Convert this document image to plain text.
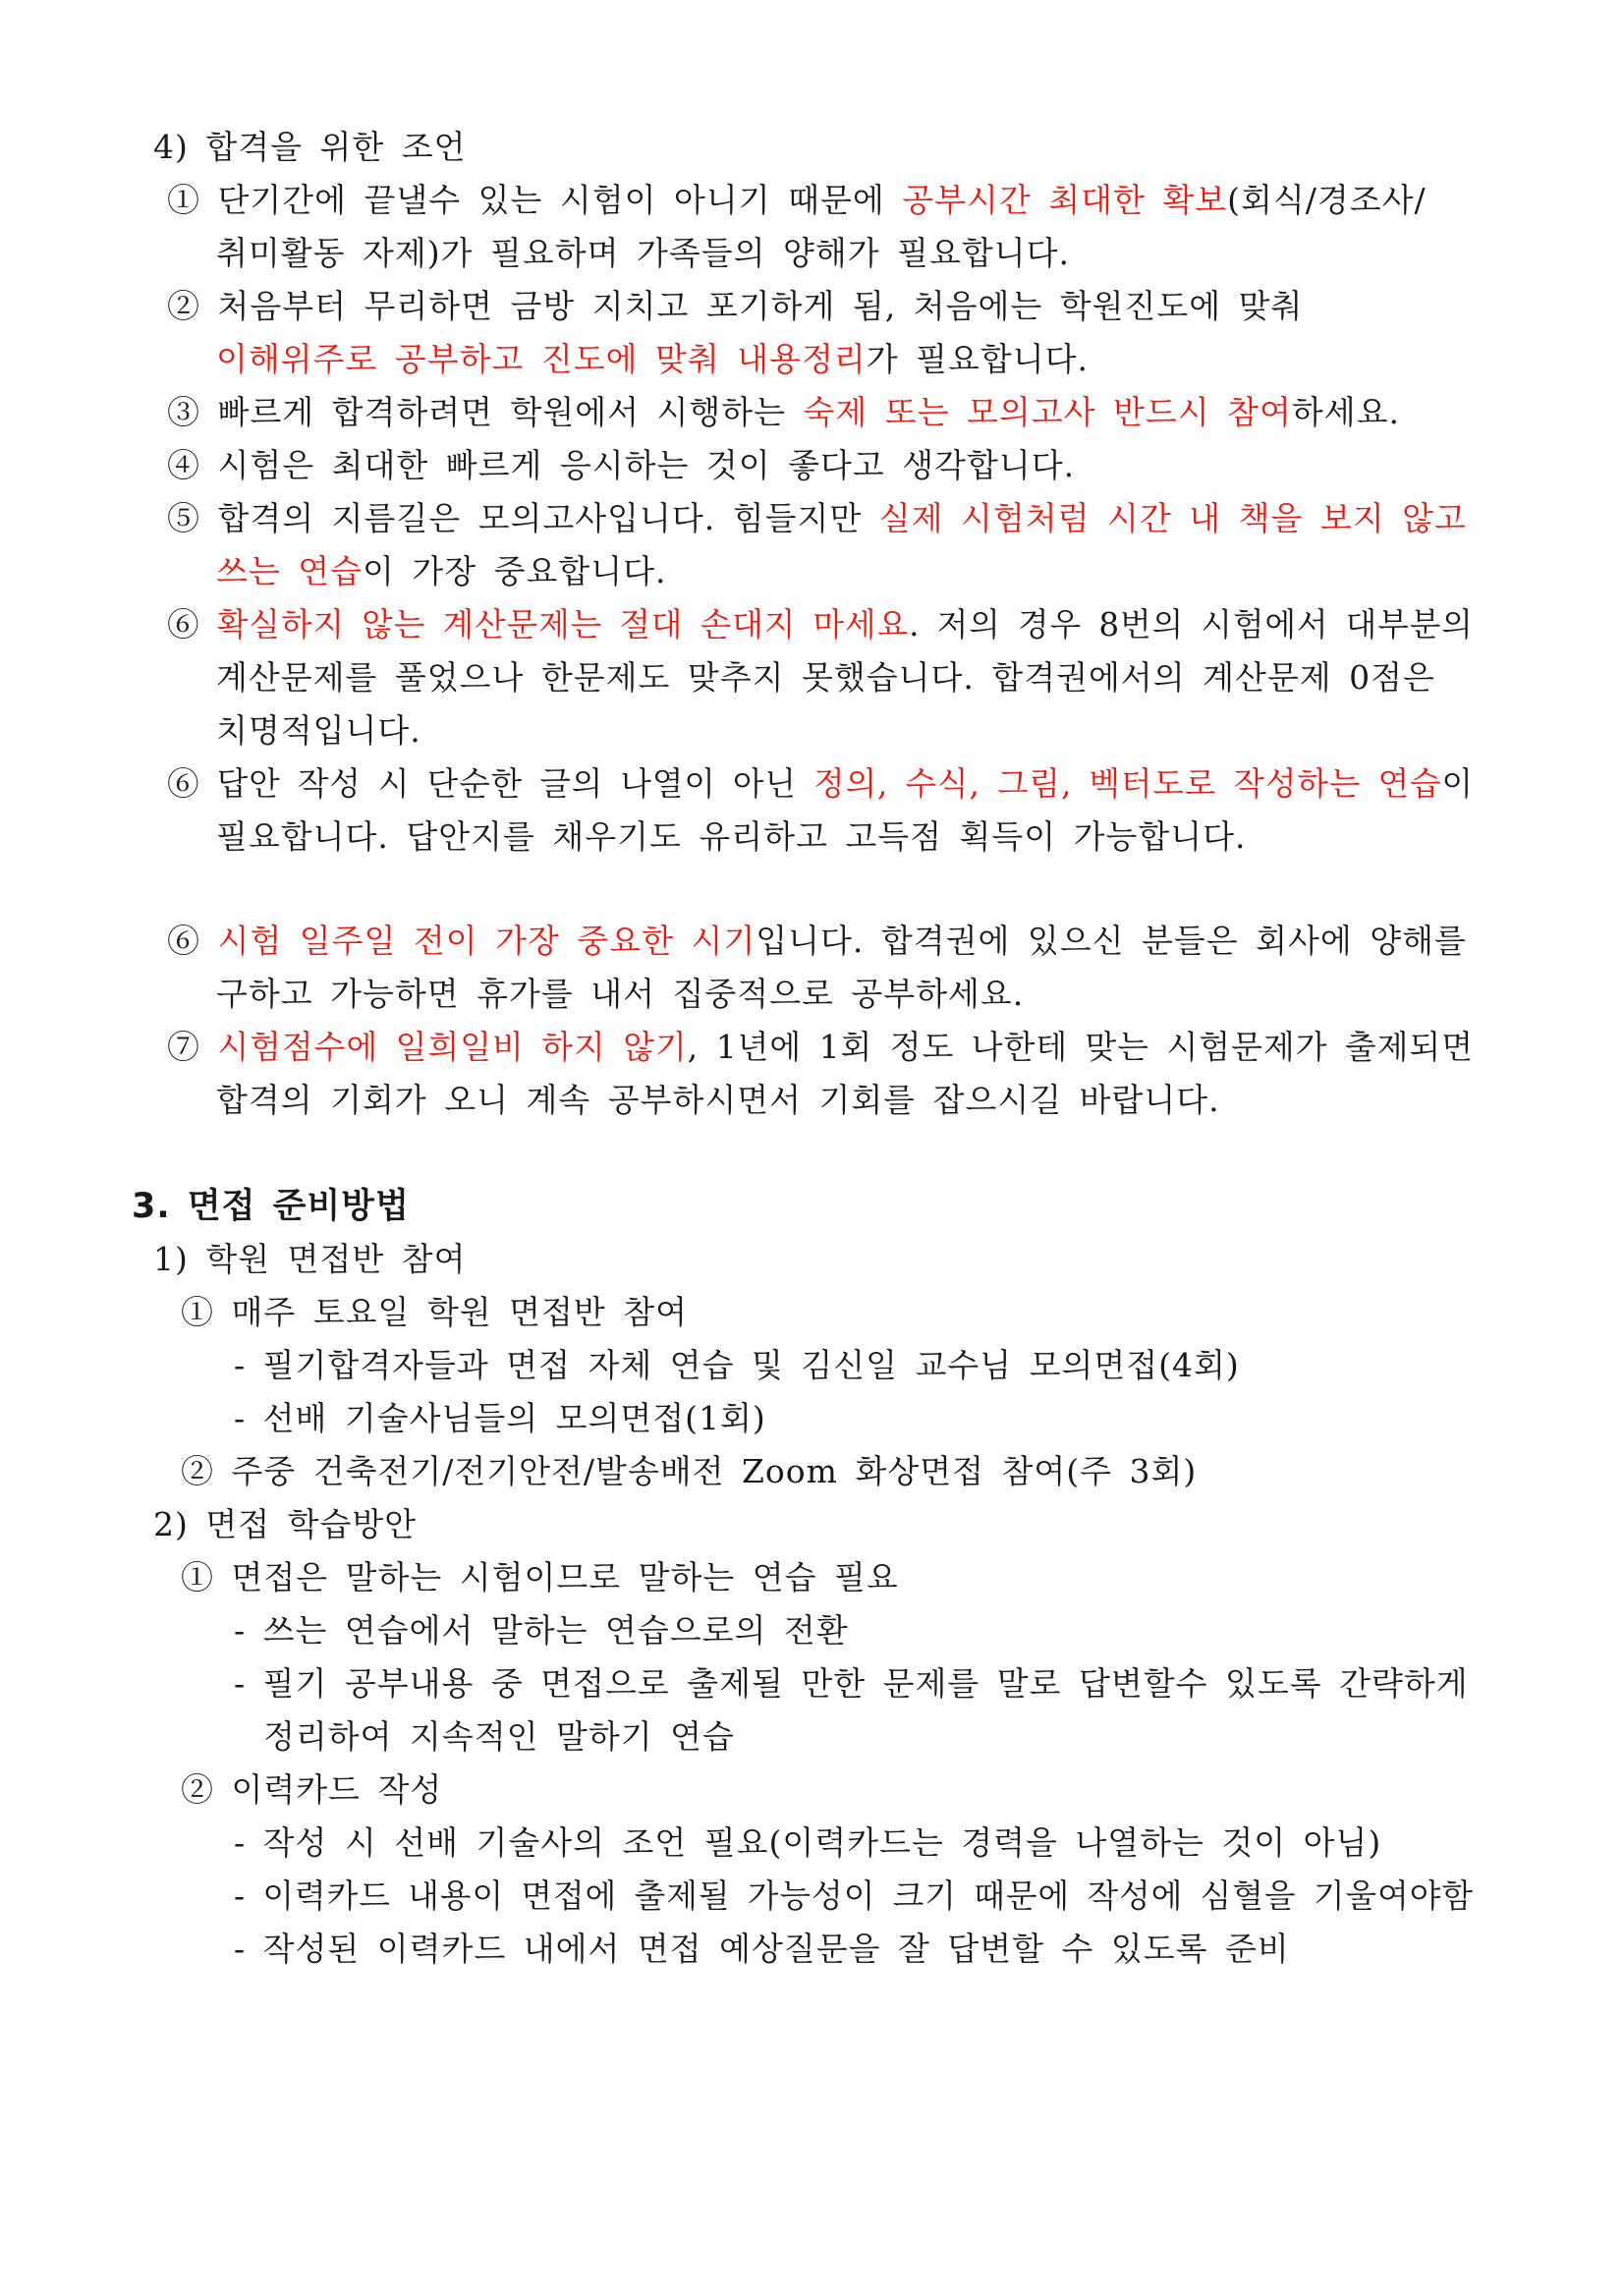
4) 합격을 위한 조언
① 단기간에 끝낼수 있는 시험이 아니기 때문에 공부시간 최대한 확보(회식/경조사/
취미활동 자제)가 필요하며 가족들의 양해가 필요합니다.
② 처음부터 무리하면 금방 지치고 포기하게 됨, 처음에는 학원진도에 맞춰
이해위주로 공부하고 진도에 맞춰 내용정리가 필요합니다.
③ 빠르게 합격하려면 학원에서 시행하는 숙제 또는 모의고사 반드시 참여하세요.
④ 시험은 최대한 빠르게 응시하는 것이 좋다고 생각합니다.
⑤ 합격의 지름길은 모의고사입니다. 힘들지만 실제 시험처럼 시간 내 책을 보지 않고
쓰는 연습이 가장 중요합니다.
⑥ 확실하지 않는 계산문제는 절대 손대지 마세요. 저의 경우 8번의 시험에서 대부분의
계산문제를 풀었으나 한문제도 맞추지 못했습니다. 합격권에서의 계산문제 0점은
치명적입니다.
⑥ 답안 작성 시 단순한 글의 나열이 아닌 정의, 수식, 그림, 벡터도로 작성하는 연습이
필요합니다. 답안지를 채우기도 유리하고 고득점 획득이 가능합니다.
⑥ 시험 일주일 전이 가장 중요한 시기입니다. 합격권에 있으신 분들은 회사에 양해를
구하고 가능하면 휴가를 내서 집중적으로 공부하세요.
⑦ 시험점수에 일희일비 하지 않기, 1년에 1회 정도 나한테 맞는 시험문제가 출제되면
합격의 기회가 오니 계속 공부하시면서 기회를 잡으시길 바랍니다.
3. 면접 준비방법
1) 학원 면접반 참여
① 매주 토요일 학원 면접반 참여
- 필기합격자들과 면접 자체 연습 및 김신일 교수님 모의면접(4회)
- 선배 기술사님들의 모의면접(1회)
② 주중 건축전기/전기안전/발송배전 Zoom 화상면접 참여(주 3회)
2) 면접 학습방안
① 면접은 말하는 시험이므로 말하는 연습 필요
- 쓰는 연습에서 말하는 연습으로의 전환
- 필기 공부내용 중 면접으로 출제될 만한 문제를 말로 답변할수 있도록 간략하게
정리하여 지속적인 말하기 연습
② 이력카드 작성
- 작성 시 선배 기술사의 조언 필요(이력카드는 경력을 나열하는 것이 아님)
- 이력카드 내용이 면접에 출제될 가능성이 크기 때문에 작성에 심혈을 기울여야함
- 작성된 이력카드 내에서 면접 예상질문을 잘 답변할 수 있도록 준비
